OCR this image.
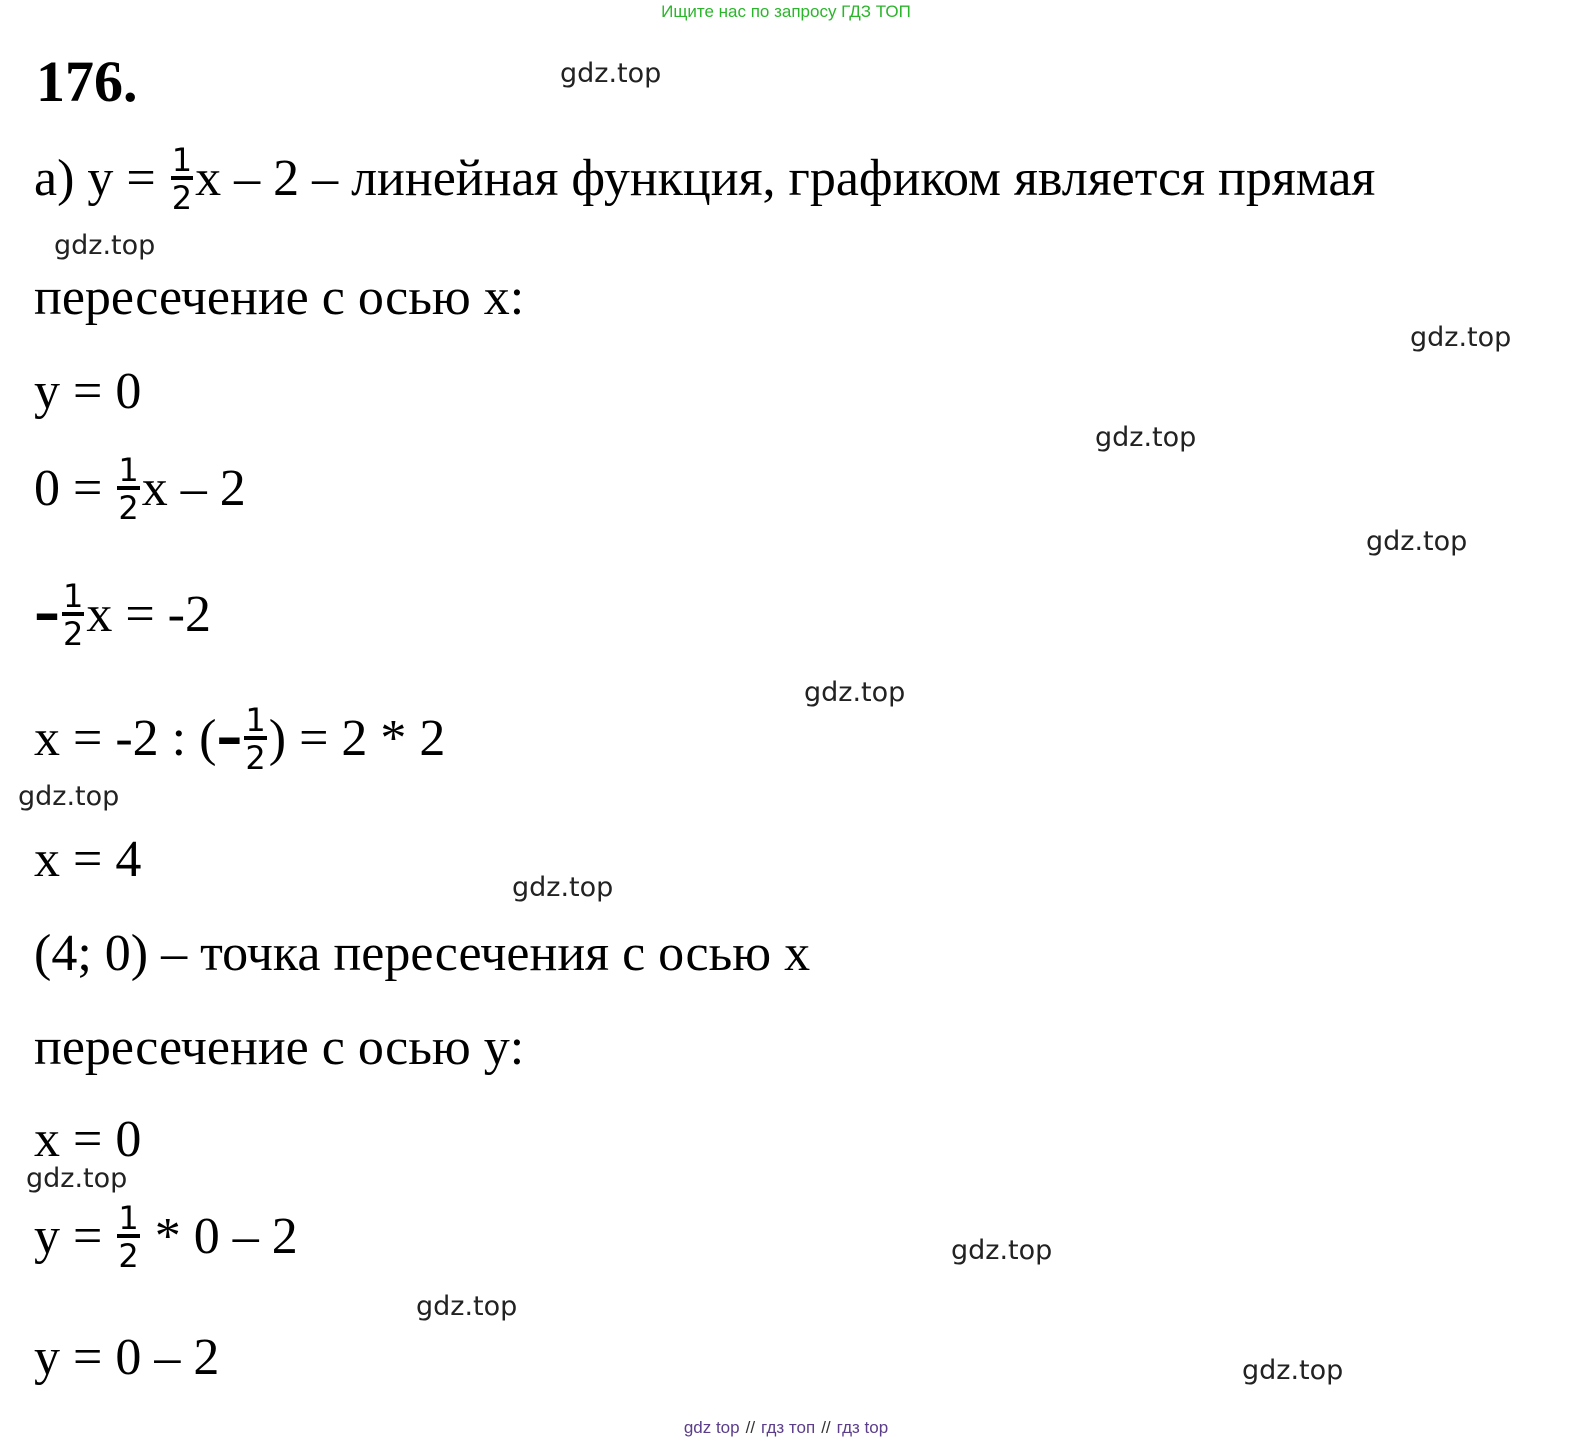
Ищите нас по запросу ГДЗ ТОП
176.
а) $y = \frac{1}{2}$ x – 2 – линейная функция, графиком является прямая
пересечение с осью x:
y = 0
$0 = \frac{1}{2}$ x – 2
– $\frac{1}{2}$ x = -2
x = -2 : (– $\frac{1}{2}$ ) = 2 * 2
x = 4
(4; 0) – точка пересечения с осью x
пересечение с осью y:
x = 0
$y = \frac{1}{2} * 0 - 2$
y = 0 – 2
gdz.top
gdz.top
gdz.top
gdz.top
gdz.top
gdz.top
gdz.top
gdz.top
gdz.top
gdz.top
gdz.top
gdz.top
gdz top // гдз топ // гдз top
